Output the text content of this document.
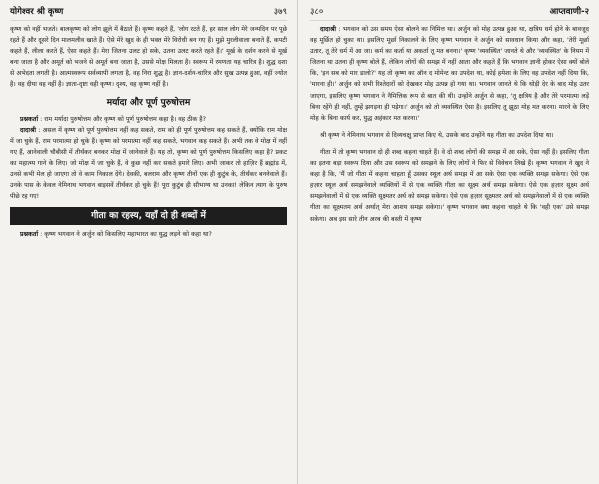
योगेश्वर श्री कृष्ण	३७९

कृष्ण को नहीं भजते। बालकृष्ण को लोग झूले में बैठाते हैं। कृष्ण कहते हैं, 'लोग रटते हैं, हर साल लोग मेरे जन्मदिन पर पूछे रहते हैं और दूसरे दिन मालमलीव खाते हैं। ऐसे मेरे खुद के ही भक्त मेरे विरोधी बन गए हैं। मुझे मुरलीवाला बनाते हैं, कपटी कहते हैं, लीला करते हैं, ऐसा कहते हैं। मेरा जितना उलट हो सके, उतना उलट करते रहते हैं।' मूर्ख के दर्शन करने से मूर्ख बना जाता है और अमूर्त को भजने से अमूर्त बना जाता है, उससे मोक्ष मिलता है। स्वरूप में रमणता यह चारित्र है। शुद्ध दशा से अभेदता लगती है। आत्मस्वरूप सर्वव्यापी लगता है, वह निरा शुद्ध है। ज्ञान-दर्शन-चारित्र और सुख उत्पन्न हुआ, वहीं ज्योत है। वह दीया वह नहीं है। ज्ञाता-दृष्टा वही कृष्ण। दृश्य, वह कृष्ण नहीं है।

मर्यादा और पूर्ण पुरुषोत्तम

प्रश्नकर्ता : राम मर्यादा पुरुषोत्तम और कृष्ण को पूर्ण पुरुषोत्तम कहा है। वह ठीक है?

दादाश्री : असल में कृष्ण को पूर्ण पुरुषोत्तम नहीं कह सकते, राम को ही पूर्ण पुरुषोत्तम कह सकते हैं, क्योंकि राम मोक्ष में जा चुके हैं, राम परमात्मा हो चुके हैं। कृष्ण को परमात्मा नहीं कह सकते, भगवान कह सकते हैं। अभी तक वे मोक्ष में नहीं गए हैं, आनेवाली चौबीसी में तीर्थंकर बनकर मोक्ष में जानेवाले हैं। यह तो, कृष्ण को पूर्ण पुरुषोत्तम किसलिए कहा है? प्रकट का महात्म्य गाने के लिए। जो मोक्ष में जा चुके हैं, वे कुछ नहीं कर सकते हमारे लिए। अभी जाकर तो हाज़िर हैं ब्रह्मांड में, उनसे कभी मेल हो जाएगा तो वे काम निकाल देंगे। देवकी, बलराम और कृष्ण तीनों एक ही कुटुंब के, तीर्थंकर बननेवाले हैं। उनके पास के केवल नेमिनाथ भगवान बाइसवें तीर्थंकर हो चुके हैं! पूरा कुटुंब ही सौभाग्य था उनका! लेकिन त्याग के पुरुष पीछे रह गए!

गीता का रहस्य, यहाँ दो ही शब्दों में

प्रश्नकर्ता : कृष्ण भगवान ने अर्जुन को किसलिए महाभारत का युद्ध लड़ने को कहा था?

३८०	आप्तवाणी-२

दादाश्री : भगवान को उस समय ऐसा बोलने का निमित्त था। अर्जुन को मोह उत्पन्न हुआ था, क्षत्रिय धर्म होने के बावजूद वह मूर्छित हो चुका था। इसलिए मूर्छा निकालने के लिए कृष्ण भगवान ने अर्जुन को सावधान किया और कहा, 'तेरी मूर्छा उतार, तू तेरे धर्म में आ जा। कर्म का कर्ता या अकर्ता तू मत बनना।' कृष्ण 'व्यवस्थित' जानते थे और 'व्यवस्थित' के नियम में जितना था उतना ही कृष्ण बोले हैं, लेकिन लोगों की समझ में नहीं आता और कहते हैं कि भगवान ज्ञानी होकर ऐसा क्यों बोले कि, 'इन सब को मार डालो?' यह तो कृष्ण का ऑन द मोमेन्ट का उपदेश था, कोई हमेशा के लिए वह उपदेश नहीं दिया कि, 'मारना ही।' अर्जुन को सभी रिश्तेदारों को देखकर मोह उत्पन्न हो गया था। भगवान जानते थे कि थोड़ी देर के बाद मोह उतर जाएगा, इसलिए कृष्ण भगवान ने नैमित्तिक रूप से बात की थी। उन्होंने अर्जुन से कहा, 'तू क्षत्रिय है और तेरे परमात्मा लड़ें बिना रहेंगे ही नहीं, तुम्हें झगड़ना ही पड़ेगा।' अर्जुन को तो व्यवस्थित ऐसा है। इसलिए तू झूठा मोह मत करना। मारने के लिए मोह के बिना कार्य कर, युद्ध अहंकार मत करना।'

श्री कृष्ण ने नेमिनाथ भगवान से दिव्यचक्षु प्राप्त किए थे, उसके बाद उन्होंने यह गीता का उपदेश दिया था।

गीता में तो कृष्ण भगवान दो ही शब्द कहना चाहते हैं। वे दो शब्द लोगों की समझ में आ सके, ऐसा नहीं है। इसलिए गीता का इतना बड़ा स्वरूप दिया और उस स्वरूप को समझने के लिए लोगों ने फिर से विवेचन लिखे हैं। कृष्ण भगवान ने खुद ने कहा है कि, 'मैं जो गीता में कहना चाहता हूँ उसका स्थूल अर्थ समझ में आ सके ऐसा एक व्यक्ति समझ सकेगा। ऐसे एक हज़ार स्थूल अर्थ समझनेवाले व्यक्तियों में से एक व्यक्ति गीता का सूक्ष्म अर्थ समझ सकेगा। ऐसे एक हज़ार सूक्ष्म अर्थ समझनेवालों में से एक व्यक्ति सूक्ष्मतर अर्थ को समझ सकेगा। ऐसे एक हज़ार सूक्ष्मतर अर्थ को समझनेवालों में से एक व्यक्ति गीता का सूक्ष्मतम अर्थ अर्थात् मेरा आशय समझ सकेगा।' कृष्ण भगवान क्या कहना चाहते थे कि 'वही एक' उसे समझ सकेगा। अब इस सारे तीन अरब की बस्ती में कृष्ण
